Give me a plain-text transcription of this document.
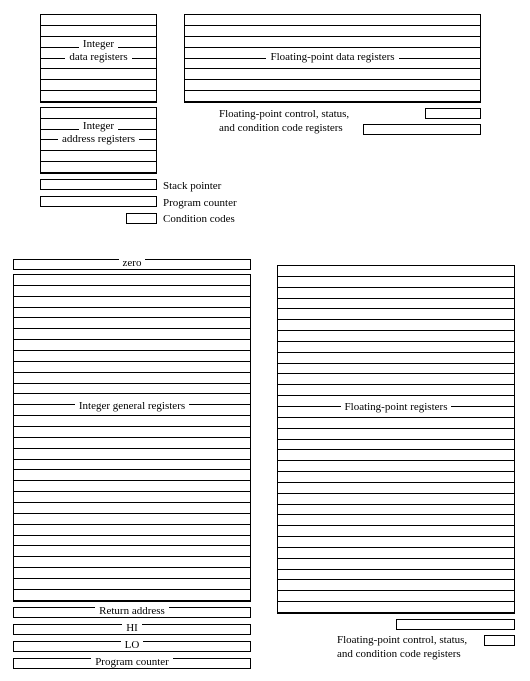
Integer
data registers	Floating-point data registers
Integer
address registers
Floating-point control, status,
and condition code registers
Stack pointer
Program counter
Condition codes
zero
Integer general registers	Floating-point registers
Return address
HI
LO
Program counter
Floating-point control, status,
and condition code registers
